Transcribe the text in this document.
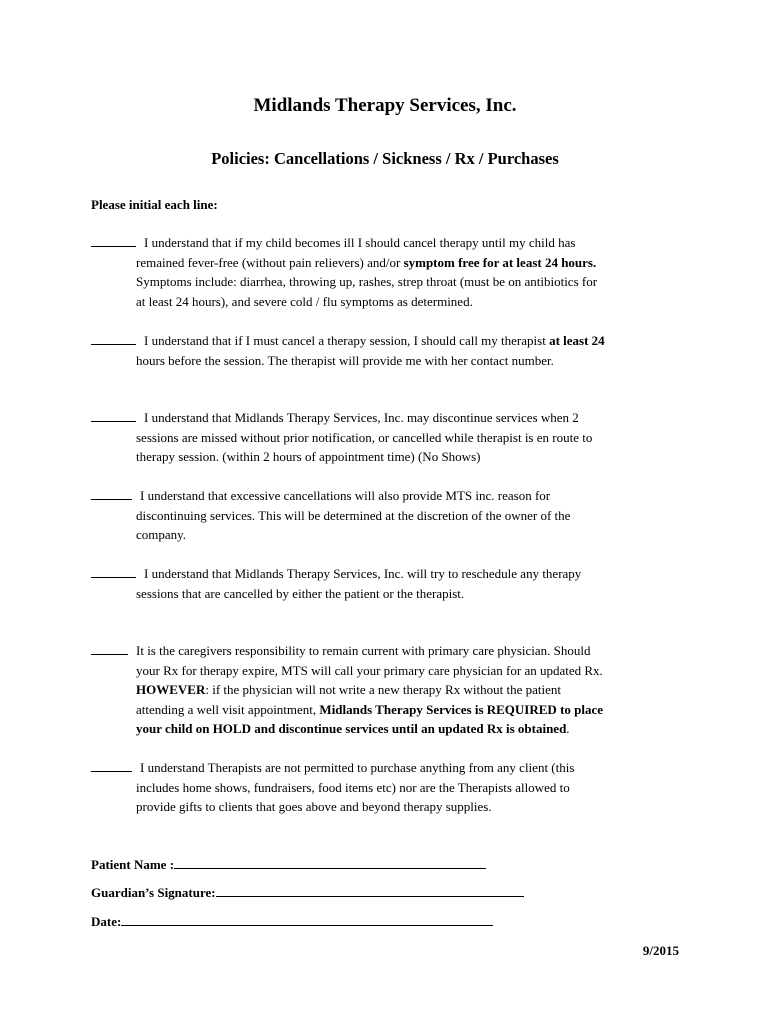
Midlands Therapy Services, Inc.
Policies: Cancellations / Sickness / Rx / Purchases
Please initial each line:
I understand that if my child becomes ill I should cancel therapy until my child has
remained fever-free (without pain relievers) and/or symptom free for at least 24 hours.
Symptoms include: diarrhea, throwing up, rashes, strep throat (must be on antibiotics for
at least 24 hours), and severe cold / flu symptoms as determined.
I understand that if I must cancel a therapy session, I should call my therapist at least 24
hours before the session. The therapist will provide me with her contact number.
I understand that Midlands Therapy Services, Inc. may discontinue services when 2
sessions are missed without prior notification, or cancelled while therapist is en route to
therapy session. (within 2 hours of appointment time) (No Shows)
I understand that excessive cancellations will also provide MTS inc. reason for
discontinuing services. This will be determined at the discretion of the owner of the
company.
I understand that Midlands Therapy Services, Inc. will try to reschedule any therapy
sessions that are cancelled by either the patient or the therapist.
It is the caregivers responsibility to remain current with primary care physician. Should
your Rx for therapy expire, MTS will call your primary care physician for an updated Rx.
HOWEVER: if the physician will not write a new therapy Rx without the patient
attending a well visit appointment, Midlands Therapy Services is REQUIRED to place
your child on HOLD and discontinue services until an updated Rx is obtained.
I understand Therapists are not permitted to purchase anything from any client (this
includes home shows, fundraisers, food items etc) nor are the Therapists allowed to
provide gifts to clients that goes above and beyond therapy supplies.
Patient Name :
Guardian’s Signature:
Date:
9/2015
